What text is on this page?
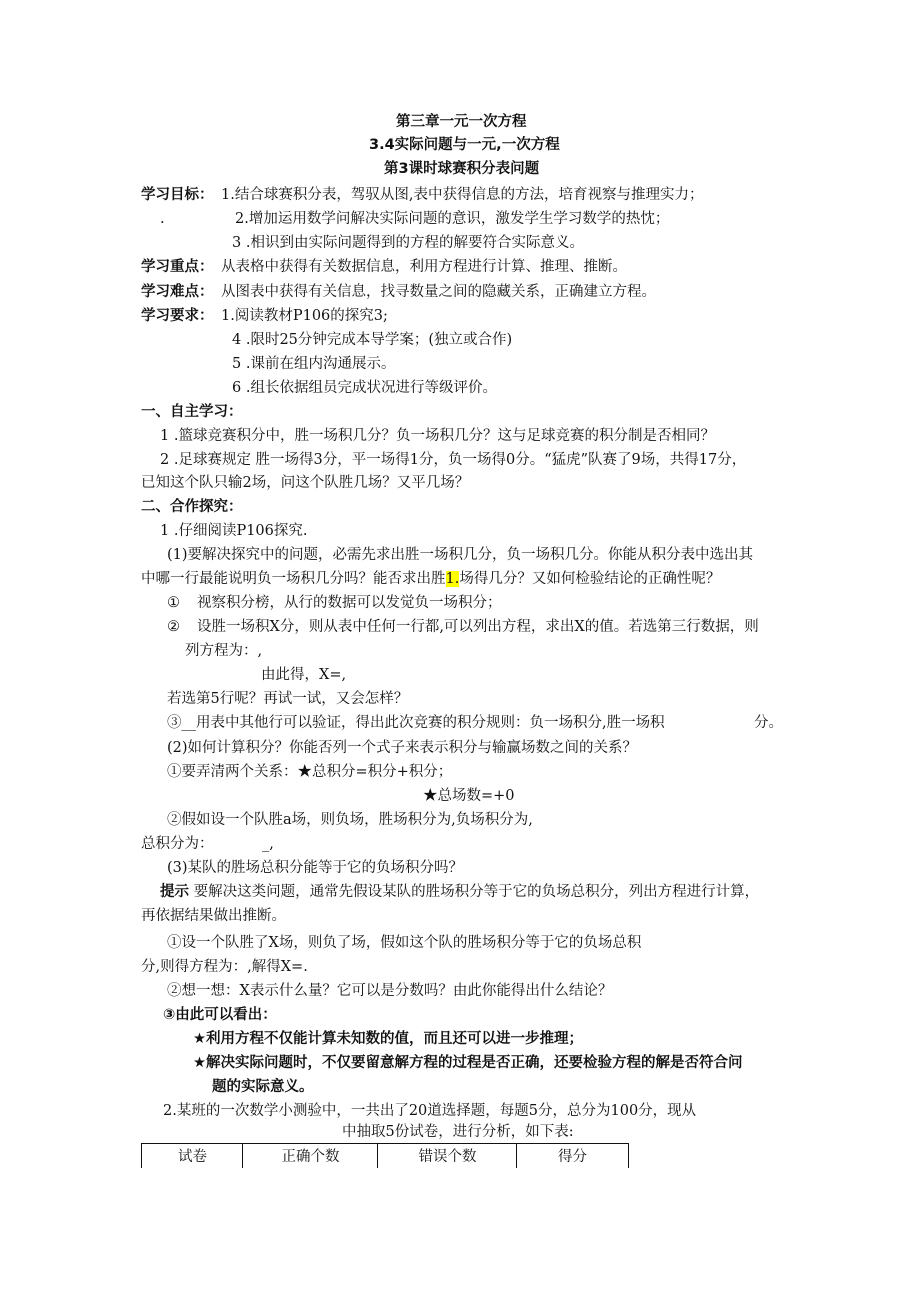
第三章一元一次方程
3.4实际问题与一元,一次方程
第3课时球赛积分表问题
学习目标： 1.结合球赛积分表，驾驭从图,表中获得信息的方法，培育视察与推理实力；
.	2.增加运用数学问解决实际问题的意识，激发学生学习数学的热忱；
3 .相识到由实际问题得到的方程的解要符合实际意义。
学习重点： 从表格中获得有关数据信息，利用方程进行计算、推理、推断。
学习难点： 从图表中获得有关信息，找寻数量之间的隐藏关系，正确建立方程。
学习要求： 1.阅读教材P106的探究3;
4 .限时25分钟完成本导学案；(独立或合作)
5 .课前在组内沟通展示。
6 .组长依据组员完成状况进行等级评价。
一、自主学习：
1 .篮球竞赛积分中，胜一场积几分？负一场积几分？这与足球竞赛的积分制是否相同？
2 .足球赛规定 胜一场得3分，平一场得1分，负一场得0分。“猛虎”队赛了9场，共得17分，
已知这个队只输2场，问这个队胜几场？又平几场？
二、合作探究：
1 .仔细阅读P106探究.
(1)要解决探究中的问题，必需先求出胜一场积几分，负一场积几分。你能从积分表中选出其
中哪一行最能说明负一场积几分吗？能否求出胜1.场得几分？又如何检验结论的正确性呢？
① 视察积分榜，从行的数据可以发觉负一场积分；
② 设胜一场积X分，则从表中任何一行都,可以列出方程，求出X的值。若选第三行数据，则
列方程为：,
由此得，X=,
若选第5行呢？再试一试，又会怎样？
③__用表中其他行可以验证，得出此次竞赛的积分规则：负一场积分,胜一场积	分。
(2)如何计算积分？你能否列一个式子来表示积分与输赢场数之间的关系？
①要弄清两个关系：★总积分=积分+积分；
★总场数=+0
②假如设一个队胜a场，则负场，胜场积分为,负场积分为,
总积分为：	_,
(3)某队的胜场总积分能等于它的负场积分吗？
提示 要解决这类问题，通常先假设某队的胜场积分等于它的负场总积分，列出方程进行计算，
再依据结果做出推断。
①设一个队胜了X场，则负了场，假如这个队的胜场积分等于它的负场总积
分,则得方程为：,解得X=.
②想一想：X表示什么量？它可以是分数吗？由此你能得出什么结论？
③由此可以看出：
★利用方程不仅能计算未知数的值，而且还可以进一步推理；
★解决实际问题时，不仅要留意解方程的过程是否正确，还要检验方程的解是否符合问
题的实际意义。
2.某班的一次数学小测验中，一共出了20道选择题，每题5分，总分为100分，现从
中抽取5份试卷，进行分析，如下表:
试卷	正确个数	错误个数	得分
